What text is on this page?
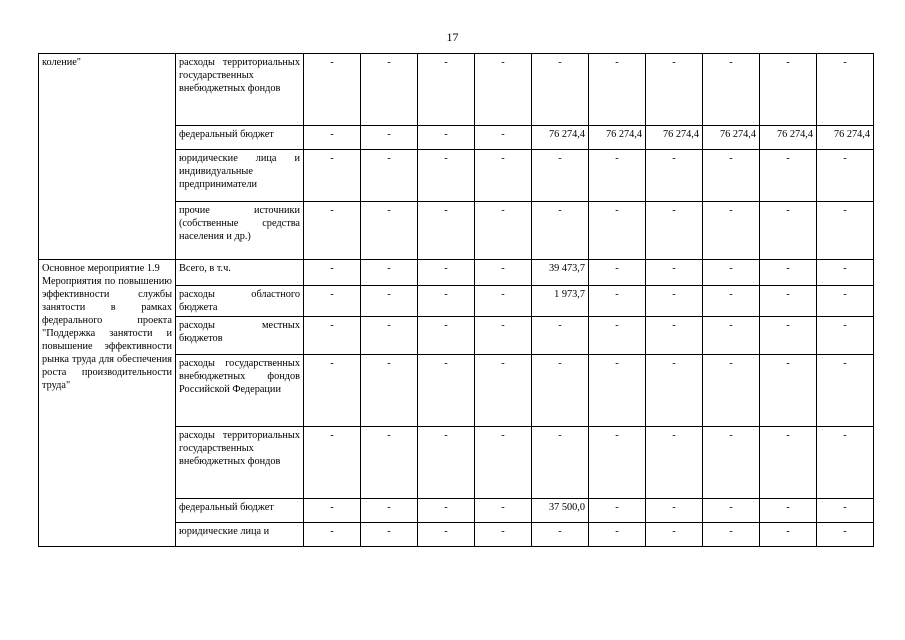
17
коление"	расходы территориальных государственных внебюджетных фондов	-	-	-	-	-	-	-	-	-	-
	федеральный бюджет	-	-	-	-	76 274,4	76 274,4	76 274,4	76 274,4	76 274,4	76 274,4
	юридические лица и индивидуальные предприниматели	-	-	-	-	-	-	-	-	-	-
	прочие источники (собственные средства населения и др.)	-	-	-	-	-	-	-	-	-	-

Основное мероприятие 1.9
Мероприятия по повышению эффективности службы занятости в рамках федерального проекта "Поддержка занятости и повышение эффективности рынка труда для обеспечения роста производительности труда"	Всего, в т.ч.	-	-	-	-	39 473,7	-	-	-	-	-
	расходы областного бюджета	-	-	-	-	1 973,7	-	-	-	-	-
	расходы местных бюджетов	-	-	-	-	-	-	-	-	-	-
	расходы государственных внебюджетных фондов Российской Федерации	-	-	-	-	-	-	-	-	-	-
	расходы территориальных государственных внебюджетных фондов	-	-	-	-	-	-	-	-	-	-
	федеральный бюджет	-	-	-	-	37 500,0	-	-	-	-	-
	юридические лица и	-	-	-	-	-	-	-	-	-	-
